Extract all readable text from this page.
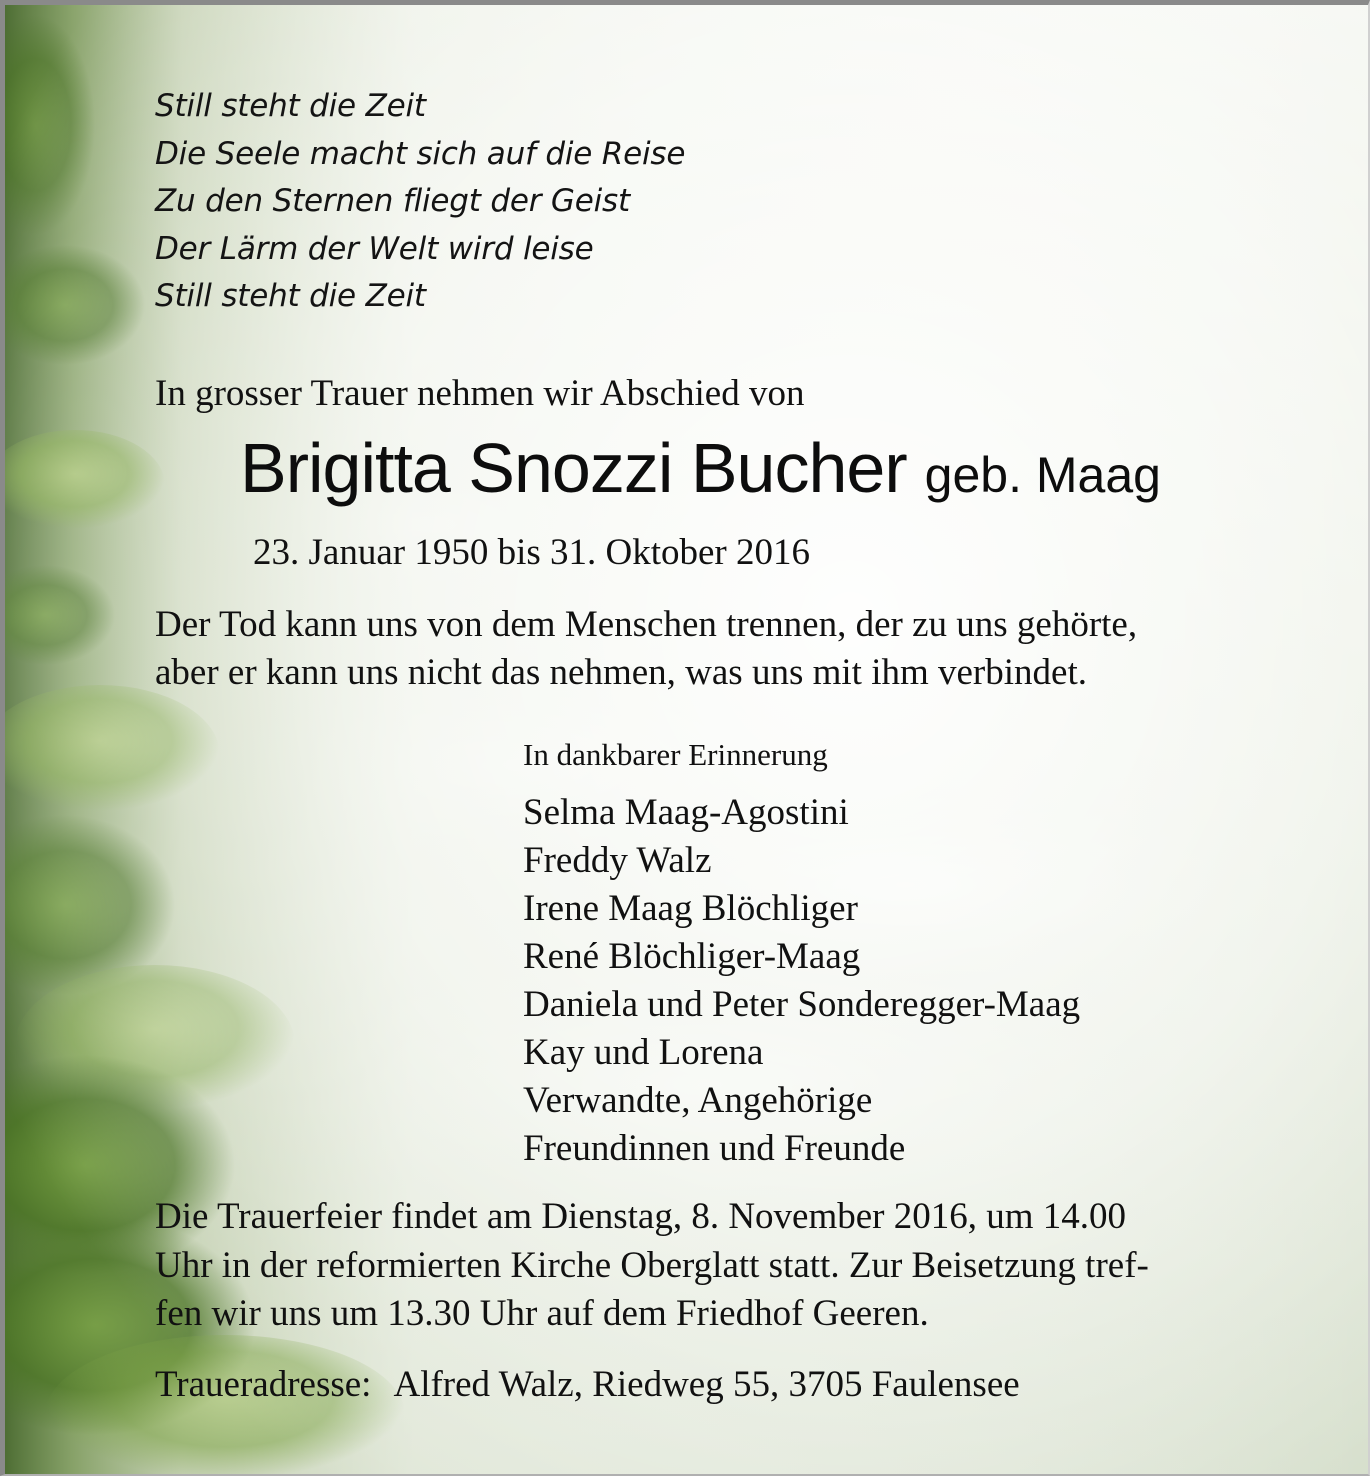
Still steht die Zeit
Die Seele macht sich auf die Reise
Zu den Sternen fliegt der Geist
Der Lärm der Welt wird leise
Still steht die Zeit
In grosser Trauer nehmen wir Abschied von
Brigitta Snozzi Bucher geb. Maag
23. Januar 1950 bis 31. Oktober 2016
Der Tod kann uns von dem Menschen trennen, der zu uns gehörte,
aber er kann uns nicht das nehmen, was uns mit ihm verbindet.
In dankbarer Erinnerung
Selma Maag-Agostini
Freddy Walz
Irene Maag Blöchliger
René Blöchliger-Maag
Daniela und Peter Sonderegger-Maag
Kay und Lorena
Verwandte, Angehörige
Freundinnen und Freunde
Die Trauerfeier findet am Dienstag, 8. November 2016, um 14.00
Uhr in der reformierten Kirche Oberglatt statt. Zur Beisetzung tref-
fen wir uns um 13.30 Uhr auf dem Friedhof Geeren.
Traueradresse: Alfred Walz, Riedweg 55, 3705 Faulensee
